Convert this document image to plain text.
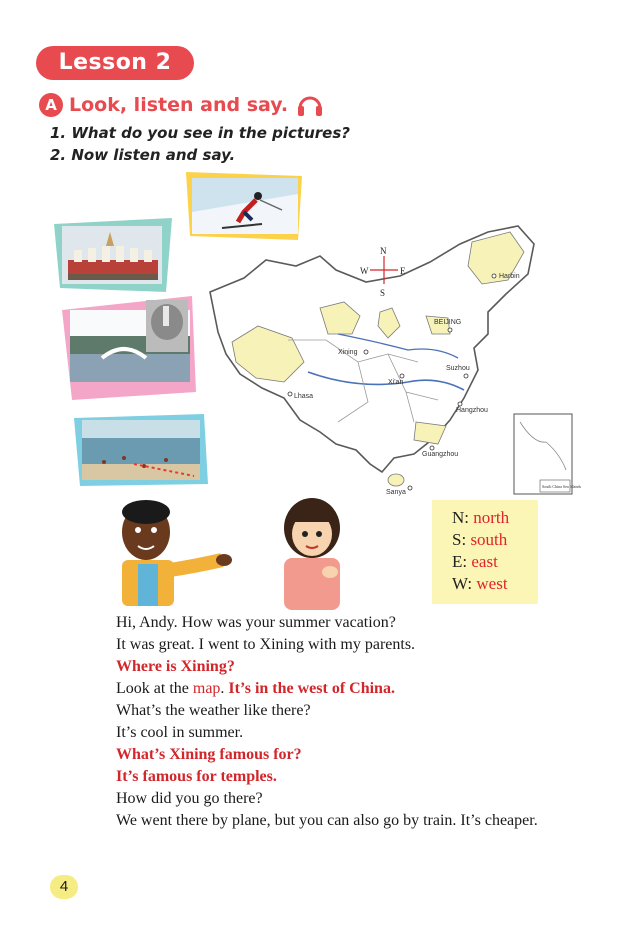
Lesson 2
A Look, listen and say.
1. What do you see in the pictures?
2. Now listen and say.
N
S
E
W
Harbin
BEIJING
Xining
Xi'an
Lhasa
Suzhou
Hangzhou
Guangzhou
Sanya
South China Sea Islands
N: north
S: south
E: east
W: west
Hi, Andy. How was your summer vacation?
It was great. I went to Xining with my parents.
Where is Xining?
Look at the map. It’s in the west of China.
What’s the weather like there?
It’s cool in summer.
What’s Xining famous for?
It’s famous for temples.
How did you go there?
We went there by plane, but you can also go by train. It’s cheaper.
4
